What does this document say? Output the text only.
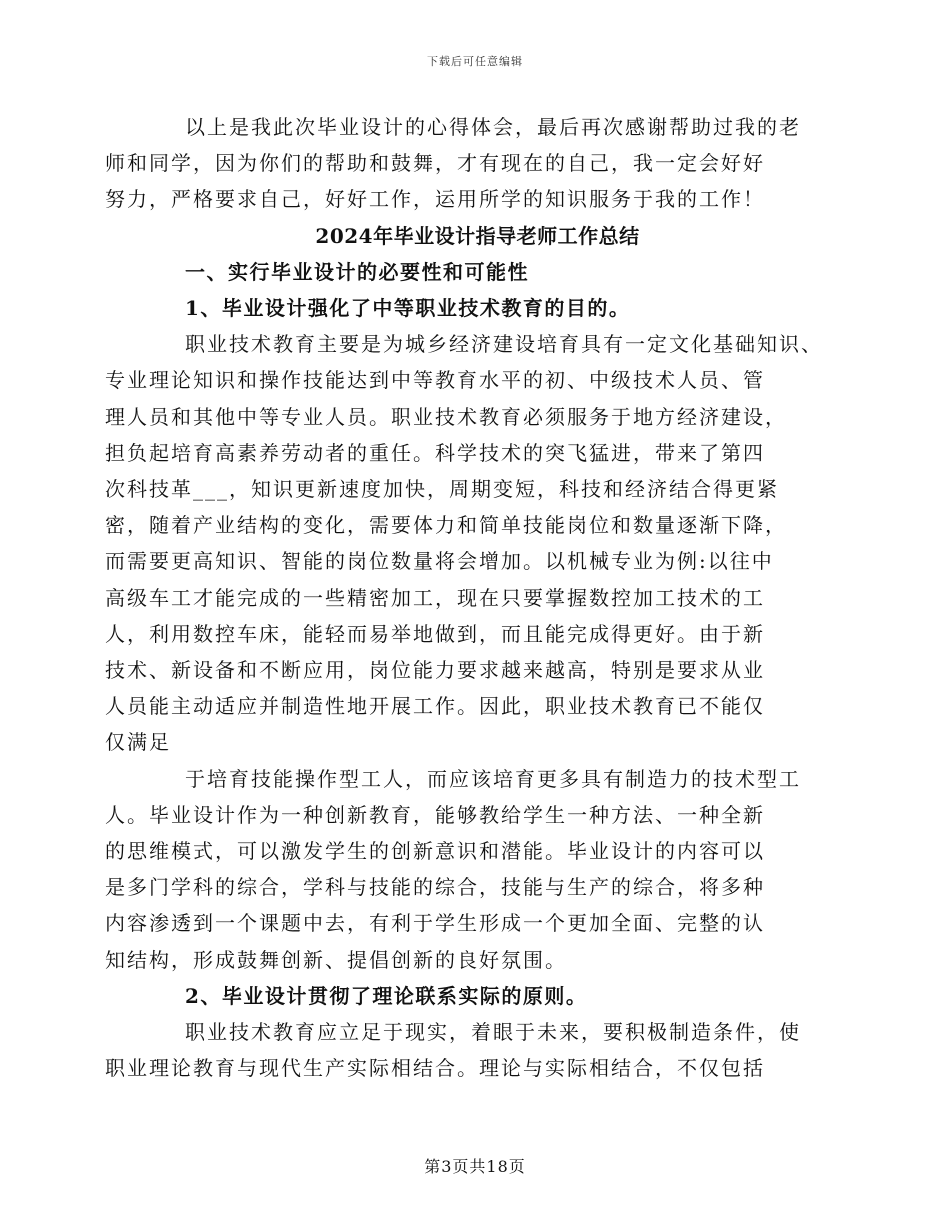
下载后可任意编辑

以上是我此次毕业设计的心得体会，最后再次感谢帮助过我的老
师和同学，因为你们的帮助和鼓舞，才有现在的自己，我一定会好好
努力，严格要求自己，好好工作，运用所学的知识服务于我的工作！

2024年毕业设计指导老师工作总结

一、实行毕业设计的必要性和可能性

1、毕业设计强化了中等职业技术教育的目的。

职业技术教育主要是为城乡经济建设培育具有一定文化基础知识、
专业理论知识和操作技能达到中等教育水平的初、中级技术人员、管
理人员和其他中等专业人员。职业技术教育必须服务于地方经济建设，
担负起培育高素养劳动者的重任。科学技术的突飞猛进，带来了第四
次科技革___，知识更新速度加快，周期变短，科技和经济结合得更紧
密，随着产业结构的变化，需要体力和简单技能岗位和数量逐渐下降，
而需要更高知识、智能的岗位数量将会增加。以机械专业为例:以往中
高级车工才能完成的一些精密加工，现在只要掌握数控加工技术的工
人，利用数控车床，能轻而易举地做到，而且能完成得更好。由于新
技术、新设备和不断应用，岗位能力要求越来越高，特别是要求从业
人员能主动适应并制造性地开展工作。因此，职业技术教育已不能仅
仅满足

于培育技能操作型工人，而应该培育更多具有制造力的技术型工
人。毕业设计作为一种创新教育，能够教给学生一种方法、一种全新
的思维模式，可以激发学生的创新意识和潜能。毕业设计的内容可以
是多门学科的综合，学科与技能的综合，技能与生产的综合，将多种
内容渗透到一个课题中去，有利于学生形成一个更加全面、完整的认
知结构，形成鼓舞创新、提倡创新的良好氛围。

2、毕业设计贯彻了理论联系实际的原则。

职业技术教育应立足于现实，着眼于未来，要积极制造条件，使
职业理论教育与现代生产实际相结合。理论与实际相结合，不仅包括

第3页共18页
